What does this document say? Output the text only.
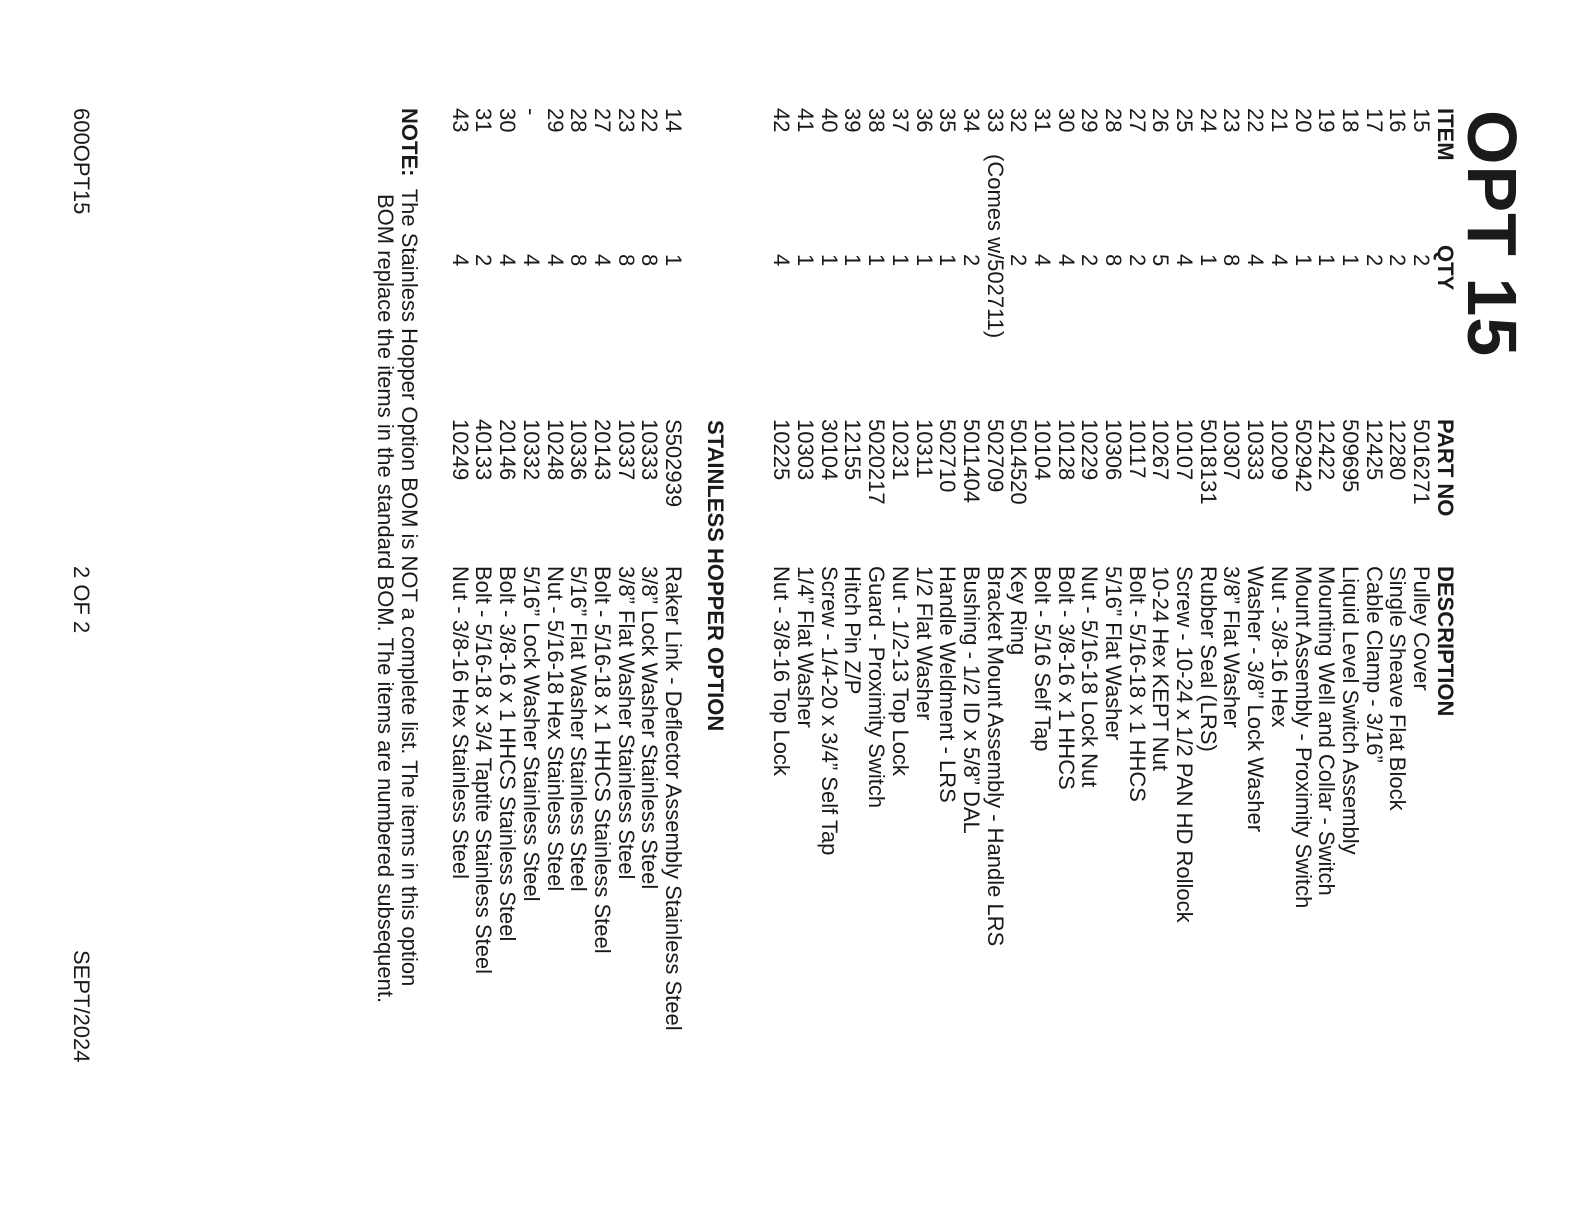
OPT 15
ITEM
QTY
PART NO
DESCRIPTION
15
2
5016271
Pulley Cover
16
2
12280
Single Sheave Flat Block
17
2
12425
Cable Clamp - 3/16”
18
1
509695
Liquid Level Switch Assembly
19
1
12422
Mounting Well and Collar - Switch
20
1
502942
Mount Assembly - Proximity Switch
21
4
10209
Nut - 3/8-16 Hex
22
4
10333
Washer - 3/8” Lock Washer
23
8
10307
3/8” Flat Washer
24
1
5018131
Rubber Seal (LRS)
25
4
10107
Screw - 10-24 x 1/2 PAN HD Rollock
26
5
10267
10-24 Hex KEPT Nut
27
2
10117
Bolt - 5/16-18 x 1 HHCS
28
8
10306
5/16” Flat Washer
29
2
10229
Nut - 5/16-18 Lock Nut
30
4
10128
Bolt - 3/8-16 x 1 HHCS
31
4
10104
Bolt - 5/16 Self Tap
32
2
5014520
Key Ring
33
(Comes w/502711)
502709
Bracket Mount Assembly - Handle LRS
34
2
5011404
Bushing - 1/2 ID x 5/8” DAL
35
1
502710
Handle Weldment - LRS
36
1
10311
1/2 Flat Washer
37
1
10231
Nut - 1/2-13 Top Lock
38
1
5020217
Guard - Proximity Switch
39
1
12155
Hitch Pin Z/P
40
1
30104
Screw - 1/4-20 x 3/4” Self Tap
41
1
10303
1/4” Flat Washer
42
4
10225
Nut - 3/8-16 Top Lock
STAINLESS HOPPER OPTION
14
1
S502939
Raker Link - Deflector Assembly Stainless Steel
22
8
10333
3/8” Lock Washer Stainless Steel
23
8
10337
3/8” Flat Washer Stainless Steel
27
4
20143
Bolt - 5/16-18 x 1 HHCS Stainless Steel
28
8
10336
5/16” Flat Washer Stainless Steel
29
4
10248
Nut - 5/16-18 Hex Stainless Steel
-
4
10332
5/16” Lock Washer Stainless Steel
30
4
20146
Bolt - 3/8-16 x 1 HHCS Stainless Steel
31
2
40133
Bolt - 5/16-18 x 3/4 Taptite Stainless Steel
43
4
10249
Nut - 3/8-16 Hex Stainless Steel
NOTE:  The Stainless Hopper Option BOM is NOT a complete list. The items in this option
BOM replace the items in the standard BOM. The items are numbered subsequent.
600OPT15
2 OF 2
SEPT/2024
